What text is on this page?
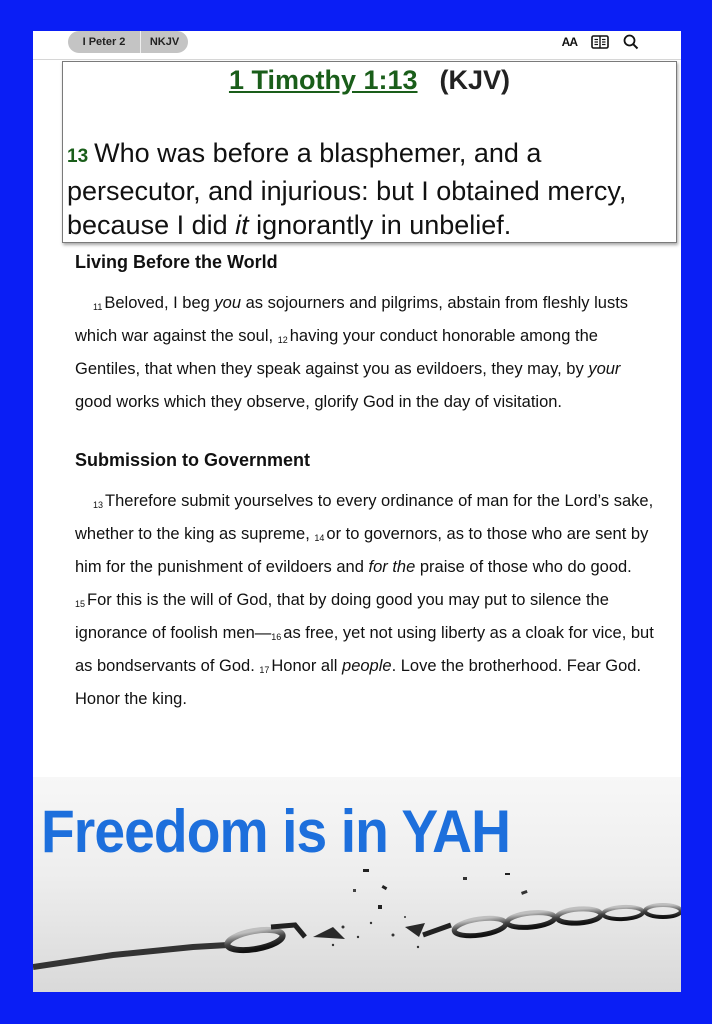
I Peter 2	NKJV	AA
1 Timothy 1:13 (KJV)
13 Who was before a blasphemer, and a persecutor, and injurious: but I obtained mercy, because I did it ignorantly in unbelief.
Living Before the World
$^{11}$ Beloved, I beg you as sojourners and pilgrims, abstain from fleshly lusts which war against the soul, $^{12}$ having your conduct honorable among the Gentiles, that when they speak against you as evildoers, they may, by your good works which they observe, glorify God in the day of visitation.
Submission to Government
$^{13}$ Therefore submit yourselves to every ordinance of man for the Lord’s sake, whether to the king as supreme, $^{14}$ or to governors, as to those who are sent by him for the punishment of evildoers and for the praise of those who do good. $^{15}$ For this is the will of God, that by doing good you may put to silence the ignorance of foolish men—$^{16}$ as free, yet not using liberty as a cloak for vice, but as bondservants of God. $^{17}$ Honor all people. Love the brotherhood. Fear God. Honor the king.
Freedom is in YAH
